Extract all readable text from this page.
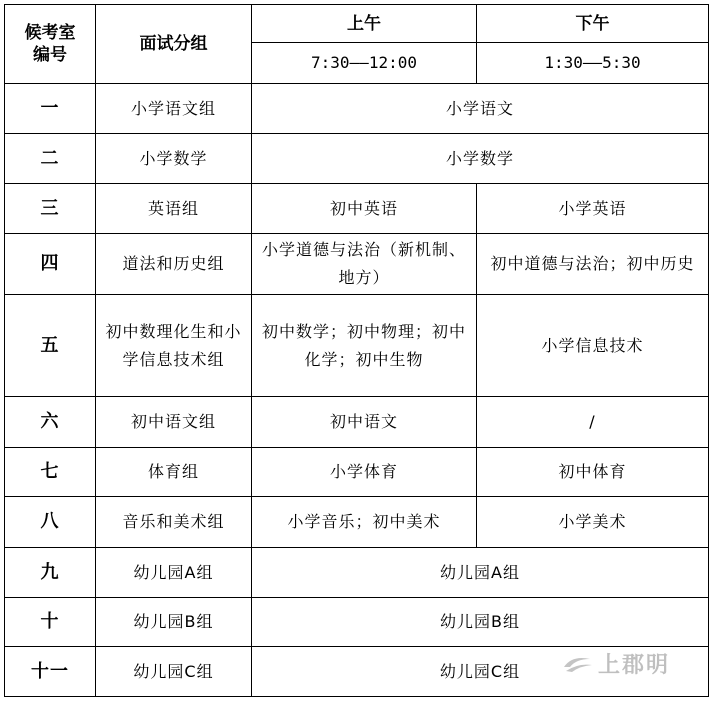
候考室
编号	面试分组	上午	下午
		7:30——12:00	1:30——5:30
一	小学语文组	小学语文	
二	小学数学	小学数学	
三	英语组	初中英语	小学英语
四	道法和历史组	小学道德与法治（新机制、地方）	初中道德与法治；初中历史
五	初中数理化生和小学信息技术组	初中数学；初中物理；初中化学；初中生物	小学信息技术
六	初中语文组	初中语文	/
七	体育组	小学体育	初中体育
八	音乐和美术组	小学音乐；初中美术	小学美术
九	幼儿园A组	幼儿园A组	
十	幼儿园B组	幼儿园B组	
十一	幼儿园C组	幼儿园C组		上郡明
